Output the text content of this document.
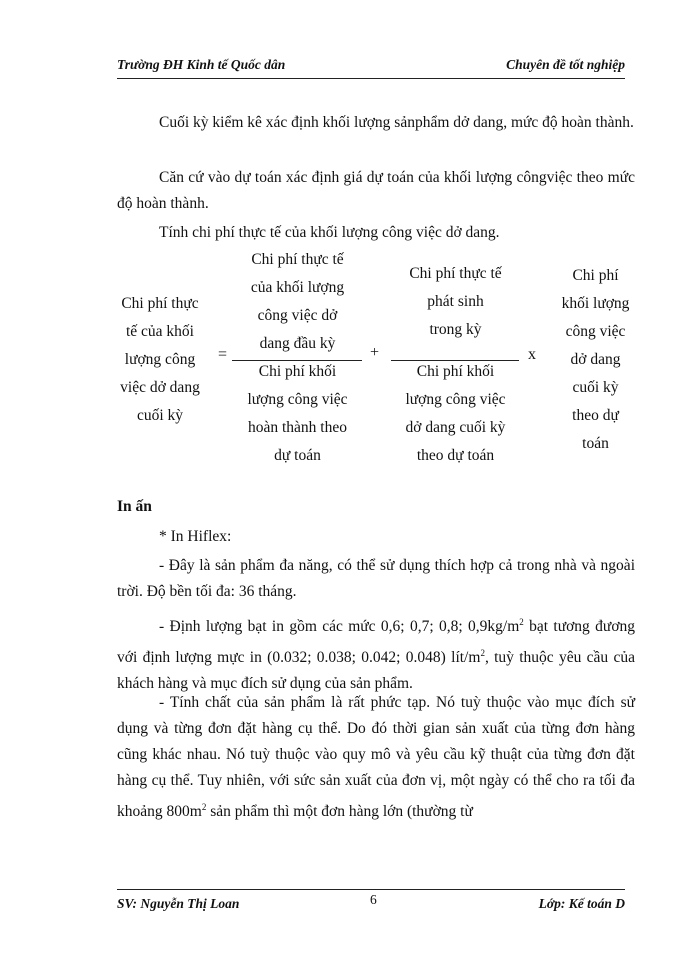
Trường ĐH Kinh tế Quốc dân	Chuyên đề tốt nghiệp

Cuối kỳ kiểm kê xác định khối lượng sảnphẩm dở dang, mức độ hoàn thành.

Căn cứ vào dự toán xác định giá dự toán của khối lượng côngviệc theo mức độ hoàn thành.

Tính chi phí thực tế của khối lượng công việc dở dang.

Chi phí thực
tế của khối
lượng công
việc dở dang
cuối kỳ
=
Chi phí thực tế
của khối lượng
công việc dở
dang đầu kỳ
Chi phí khối
lượng công việc
hoàn thành theo
dự toán
+
Chi phí thực tế
phát sinh
trong kỳ
Chi phí khối
lượng công việc
dở dang cuối kỳ
theo dự toán
x
Chi phí
khối lượng
công việc
dở dang
cuối kỳ
theo dự
toán
In ấn

* In Hiflex:

- Đây là sản phẩm đa năng, có thể sử dụng thích hợp cả trong nhà và ngoài trời. Độ bền tối đa: 36 tháng.

- Định lượng bạt in gồm các mức 0,6; 0,7; 0,8; $0,9kg/m^2$ bạt tương đương với định lượng mực in (0.032; 0.038; 0.042; 0.048) lít/$m^2$, tuỳ thuộc yêu cầu của khách hàng và mục đích sử dụng của sản phẩm.

- Tính chất của sản phẩm là rất phức tạp. Nó tuỳ thuộc vào mục đích sử dụng và từng đơn đặt hàng cụ thể. Do đó thời gian sản xuất của từng đơn hàng cũng khác nhau. Nó tuỳ thuộc vào quy mô và yêu cầu kỹ thuật của từng đơn đặt hàng cụ thể. Tuy nhiên, với sức sản xuất của đơn vị, một ngày có thể cho ra tối đa khoảng $800m^2$ sản phẩm thì một đơn hàng lớn (thường từ

SV: Nguyễn Thị Loan	6	Lớp: Kế toán D
